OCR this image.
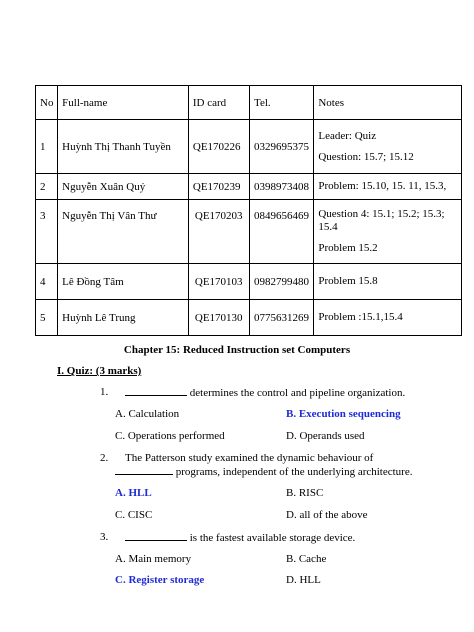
No	Full-name	ID card	Tel.	Notes
1	Huỳnh Thị Thanh Tuyền	QE170226	0329695375	Leader: Quiz
Question: 15.7; 15.12

2	Nguyễn Xuân Quý	QE170239	0398973408	Problem: 15.10, 15. 11, 15.3,

3	Nguyễn Thị Vân Thư	QE170203	0849656469	Question 4: 15.1; 15.2; 15.3; 15.4
Problem 15.2

4	Lê Đồng Tâm	QE170103	0982799480	Problem 15.8

5	Huỳnh Lê Trung	QE170130	0775631269	Problem :15.1,15.4
Chapter 15: Reduced Instruction set Computers
I. Quiz: (3 marks)
1.	determines the control and pipeline organization.
A. Calculation	B. Execution sequencing
C. Operations performed	D. Operands used
2. The Patterson study examined the dynamic behaviour of
programs, independent of the underlying architecture.
A. HLL	B. RISC
C. CISC	D. all of the above
3.	is the fastest available storage device.
A. Main memory	B. Cache
C. Register storage	D. HLL
